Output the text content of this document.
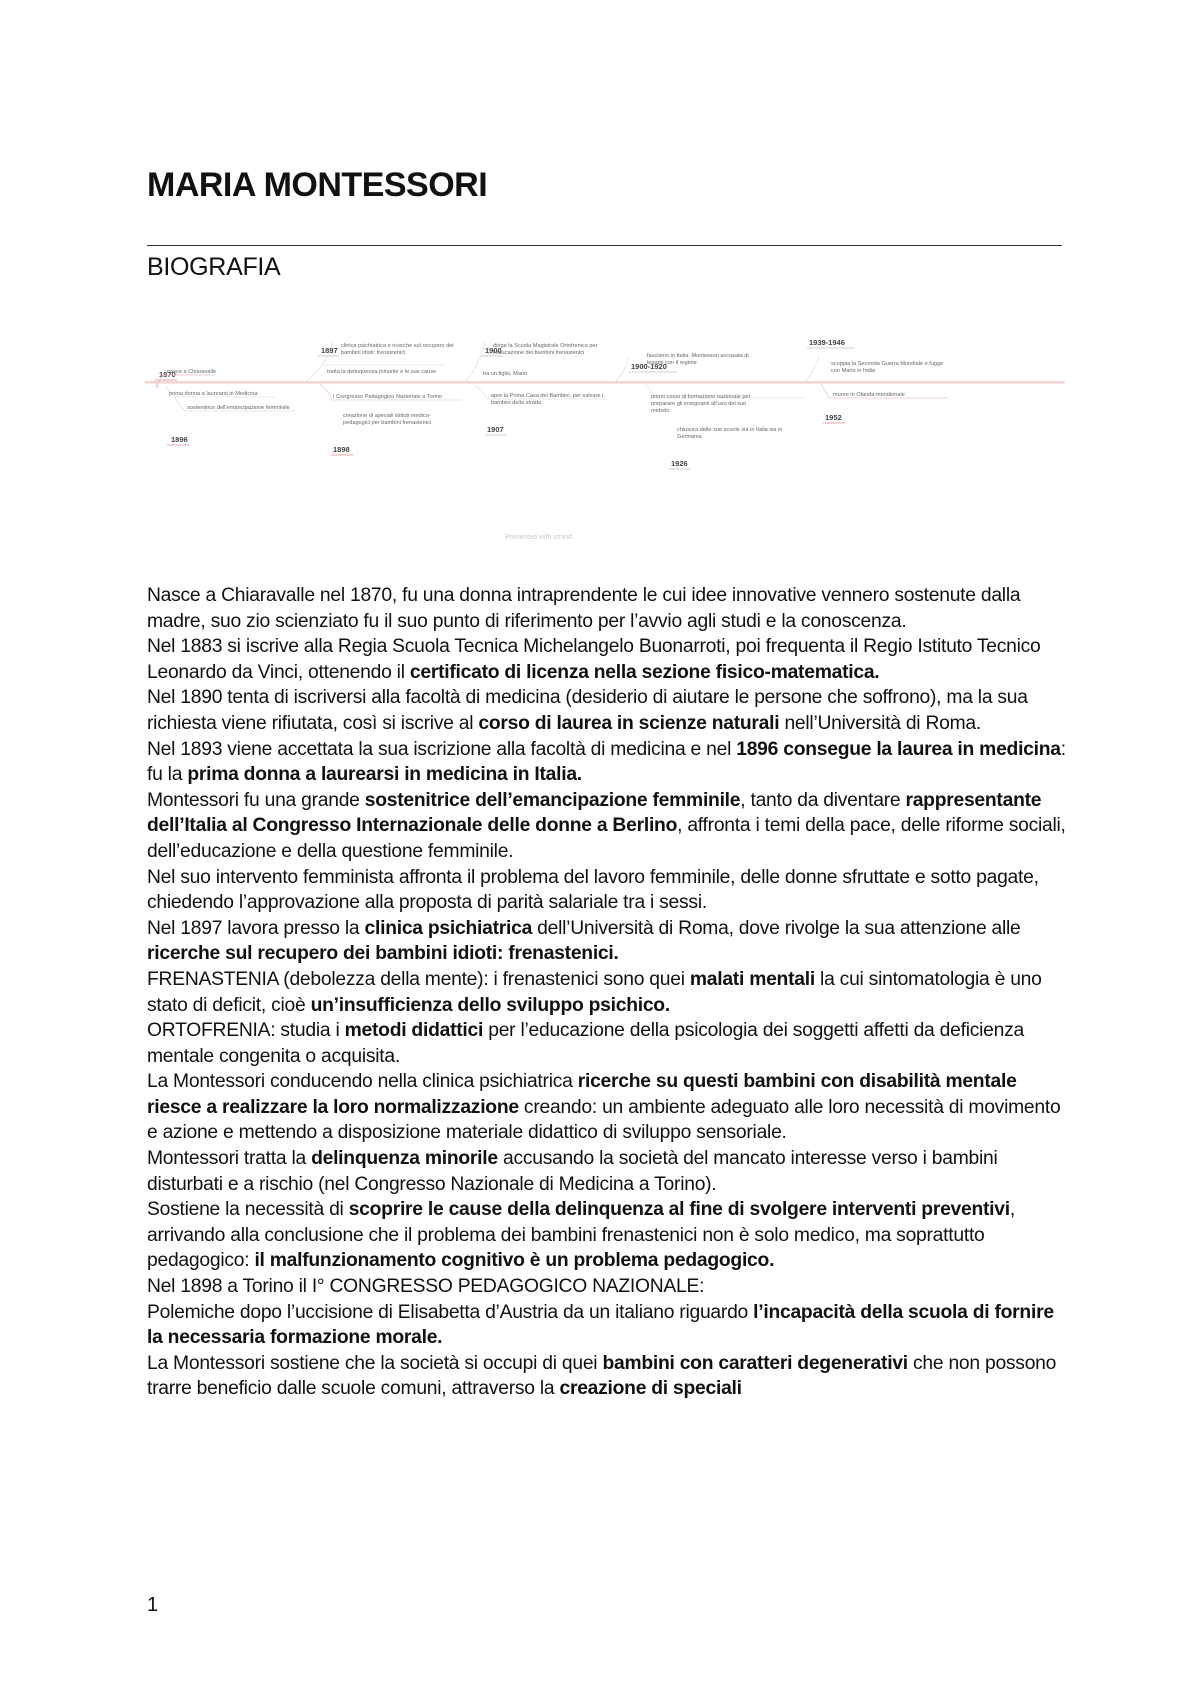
MARIA MONTESSORI
BIOGRAFIA
1870
nasce a Chiaravalle
prima donna a laurearsi in Medicina
sostenitrice dell'emancipazione femminile
1896
1897 clinica psichiatrica e ricerche sul recupero dei
bambini idioti: frenastenici
tratta la delinquenza minorile e le sue cause
I Congresso Pedagogico Nazionale a Torino
creazione di speciali istituti medico-
pedagogici per bambini frenastenici
1898
1900
dirige la Scuola Magistrale Ortofrenica per
l'educazione dei bambini frenastenici
ha un figlio, Mario
apre la Prima Casa dei Bambini, per salvare i
bambini della strada
1907
1900-1920
fascismo in Italia: Montessori accusata di
legami con il regime
primo corso di formazione nazionale per
preparare gli insegnanti all'uso del suo
metodo
chiusura delle sue scuole sia in Italia sia in
Germania
1926
1939-1946
scoppia la Seconda Guerra Mondiale e fugge
con Mario in India
muore in Olanda meridionale
1952
Presented with xmind

Nasce a Chiaravalle nel 1870, fu una donna intraprendente le cui idee innovative vennero sostenute dalla madre, suo zio scienziato fu il suo punto di riferimento per l’avvio agli studi e la conoscenza.

Nel 1883 si iscrive alla Regia Scuola Tecnica Michelangelo Buonarroti, poi frequenta il Regio Istituto Tecnico Leonardo da Vinci, ottenendo il certificato di licenza nella sezione fisico-matematica.

Nel 1890 tenta di iscriversi alla facoltà di medicina (desiderio di aiutare le persone che soffrono), ma la sua richiesta viene rifiutata, così si iscrive al corso di laurea in scienze naturali nell’Università di Roma.

Nel 1893 viene accettata la sua iscrizione alla facoltà di medicina e nel 1896 consegue la laurea in medicina: fu la prima donna a laurearsi in medicina in Italia.

Montessori fu una grande sostenitrice dell’emancipazione femminile, tanto da diventare rappresentante dell’Italia al Congresso Internazionale delle donne a Berlino, affronta i temi della pace, delle riforme sociali, dell’educazione e della questione femminile.

Nel suo intervento femminista affronta il problema del lavoro femminile, delle donne sfruttate e sotto pagate, chiedendo l’approvazione alla proposta di parità salariale tra i sessi.

Nel 1897 lavora presso la clinica psichiatrica dell’Università di Roma, dove rivolge la sua attenzione alle ricerche sul recupero dei bambini idioti: frenastenici.

FRENASTENIA (debolezza della mente): i frenastenici sono quei malati mentali la cui sintomatologia è uno stato di deficit, cioè un’insufficienza dello sviluppo psichico.

ORTOFRENIA: studia i metodi didattici per l’educazione della psicologia dei soggetti affetti da deficienza mentale congenita o acquisita.

La Montessori conducendo nella clinica psichiatrica ricerche su questi bambini con disabilità mentale riesce a realizzare la loro normalizzazione creando: un ambiente adeguato alle loro necessità di movimento e azione e mettendo a disposizione materiale didattico di sviluppo sensoriale.

Montessori tratta la delinquenza minorile accusando la società del mancato interesse verso i bambini disturbati e a rischio (nel Congresso Nazionale di Medicina a Torino).

Sostiene la necessità di scoprire le cause della delinquenza al fine di svolgere interventi preventivi, arrivando alla conclusione che il problema dei bambini frenastenici non è solo medico, ma soprattutto pedagogico: il malfunzionamento cognitivo è un problema pedagogico.

Nel 1898 a Torino il I° CONGRESSO PEDAGOGICO NAZIONALE:

Polemiche dopo l’uccisione di Elisabetta d’Austria da un italiano riguardo l’incapacità della scuola di fornire la necessaria formazione morale.

La Montessori sostiene che la società si occupi di quei bambini con caratteri degenerativi che non possono trarre beneficio dalle scuole comuni, attraverso la creazione di speciali

1
